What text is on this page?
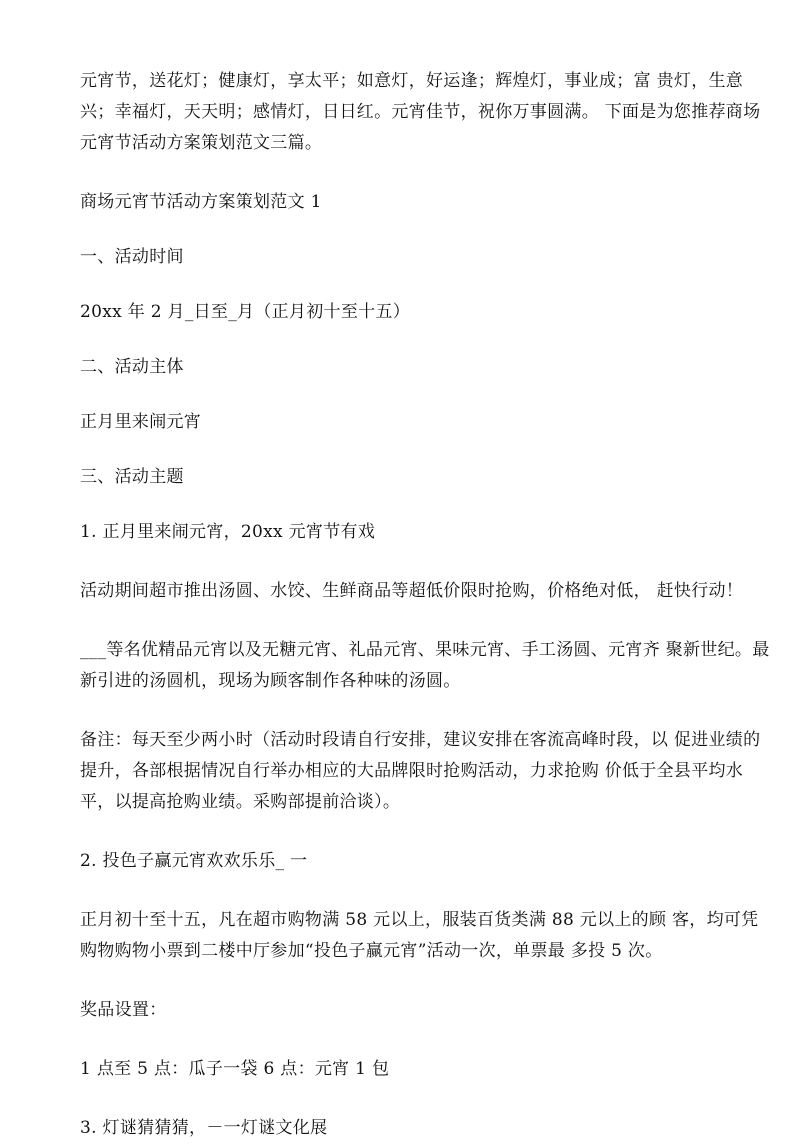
元宵节，送花灯；健康灯，享太平；如意灯，好运逢；辉煌灯，事业成；富 贵灯，生意兴；幸福灯，天天明；感情灯，日日红。元宵佳节，祝你万事圆满。 下面是为您推荐商场元宵节活动方案策划范文三篇。

商场元宵节活动方案策划范文 1

一、活动时间

20xx 年 2 月_日至_月（正月初十至十五）

二、活动主体

正月里来闹元宵

三、活动主题

1. 正月里来闹元宵，20xx 元宵节有戏

活动期间超市推出汤圆、水饺、生鲜商品等超低价限时抢购，价格绝对低， 赶快行动！

___等名优精品元宵以及无糖元宵、礼品元宵、果味元宵、手工汤圆、元宵齐 聚新世纪。最新引进的汤圆机，现场为顾客制作各种味的汤圆。

备注：每天至少两小时（活动时段请自行安排，建议安排在客流高峰时段，以 促进业绩的提升，各部根据情况自行举办相应的大品牌限时抢购活动，力求抢购 价低于全县平均水平，以提高抢购业绩。采购部提前洽谈）。

2. 投色子赢元宵欢欢乐乐_ 一

正月初十至十五，凡在超市购物满 58 元以上，服装百货类满 88 元以上的顾 客，均可凭购物购物小票到二楼中厅参加“投色子赢元宵”活动一次，单票最 多投 5 次。

奖品设置：

1 点至 5 点：瓜子一袋 6 点：元宵 1 包

3. 灯谜猜猜猜，－一灯谜文化展
